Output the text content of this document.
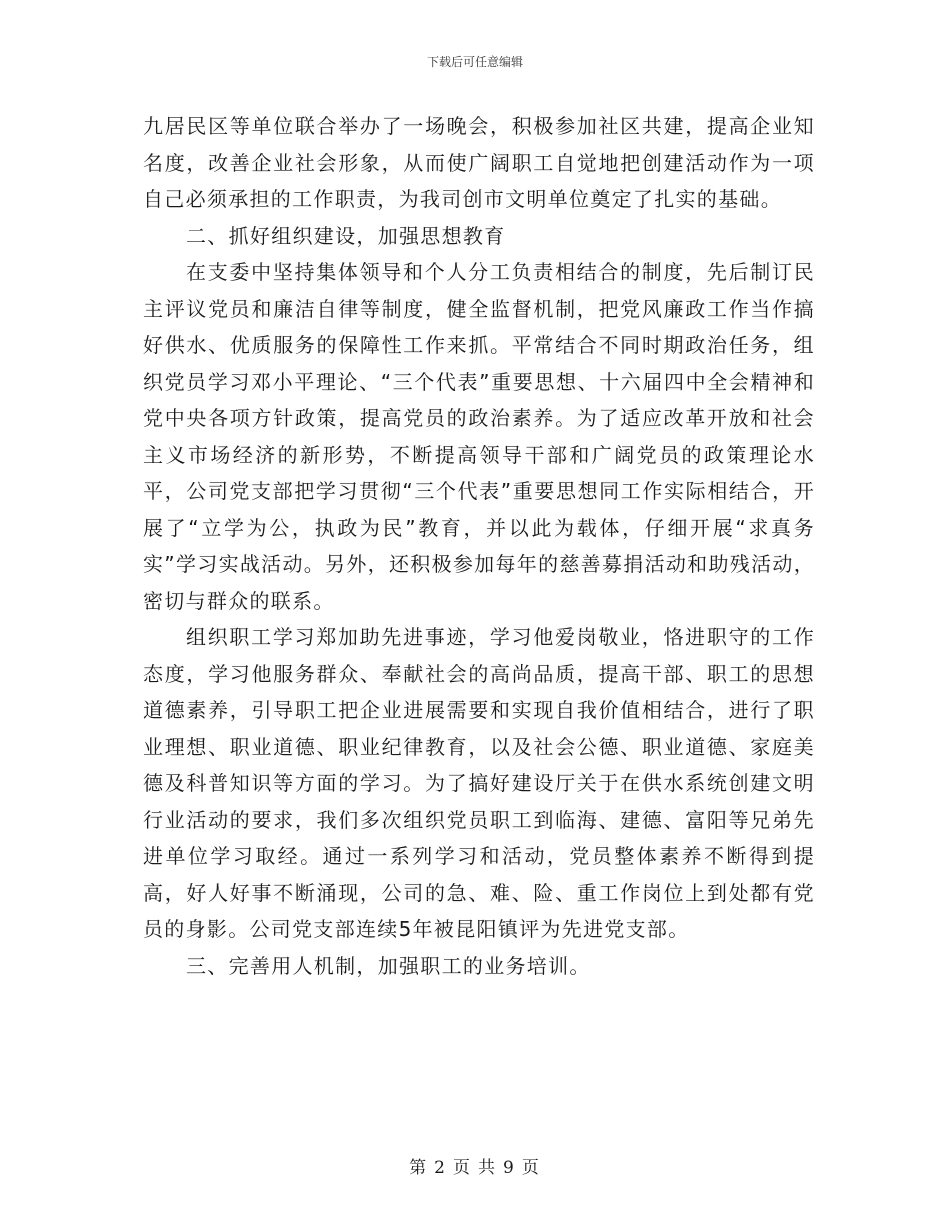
下载后可任意编辑

九居民区等单位联合举办了一场晚会，积极参加社区共建，提高企业知名度，改善企业社会形象，从而使广阔职工自觉地把创建活动作为一项自己必须承担的工作职责，为我司创市文明单位奠定了扎实的基础。

二、抓好组织建设，加强思想教育

在支委中坚持集体领导和个人分工负责相结合的制度，先后制订民主评议党员和廉洁自律等制度，健全监督机制，把党风廉政工作当作搞好供水、优质服务的保障性工作来抓。平常结合不同时期政治任务，组织党员学习邓小平理论、“三个代表”重要思想、十六届四中全会精神和党中央各项方针政策，提高党员的政治素养。为了适应改革开放和社会主义市场经济的新形势，不断提高领导干部和广阔党员的政策理论水平，公司党支部把学习贯彻“三个代表”重要思想同工作实际相结合，开展了“立学为公，执政为民”教育，并以此为载体，仔细开展“求真务实”学习实战活动。另外，还积极参加每年的慈善募捐活动和助残活动，密切与群众的联系。

组织职工学习郑加助先进事迹，学习他爱岗敬业，恪进职守的工作态度，学习他服务群众、奉献社会的高尚品质，提高干部、职工的思想道德素养，引导职工把企业进展需要和实现自我价值相结合，进行了职业理想、职业道德、职业纪律教育，以及社会公德、职业道德、家庭美德及科普知识等方面的学习。为了搞好建设厅关于在供水系统创建文明行业活动的要求，我们多次组织党员职工到临海、建德、富阳等兄弟先进单位学习取经。通过一系列学习和活动，党员整体素养不断得到提高，好人好事不断涌现，公司的急、难、险、重工作岗位上到处都有党员的身影。公司党支部连续5年被昆阳镇评为先进党支部。

三、完善用人机制，加强职工的业务培训。

第 2 页 共 9 页
